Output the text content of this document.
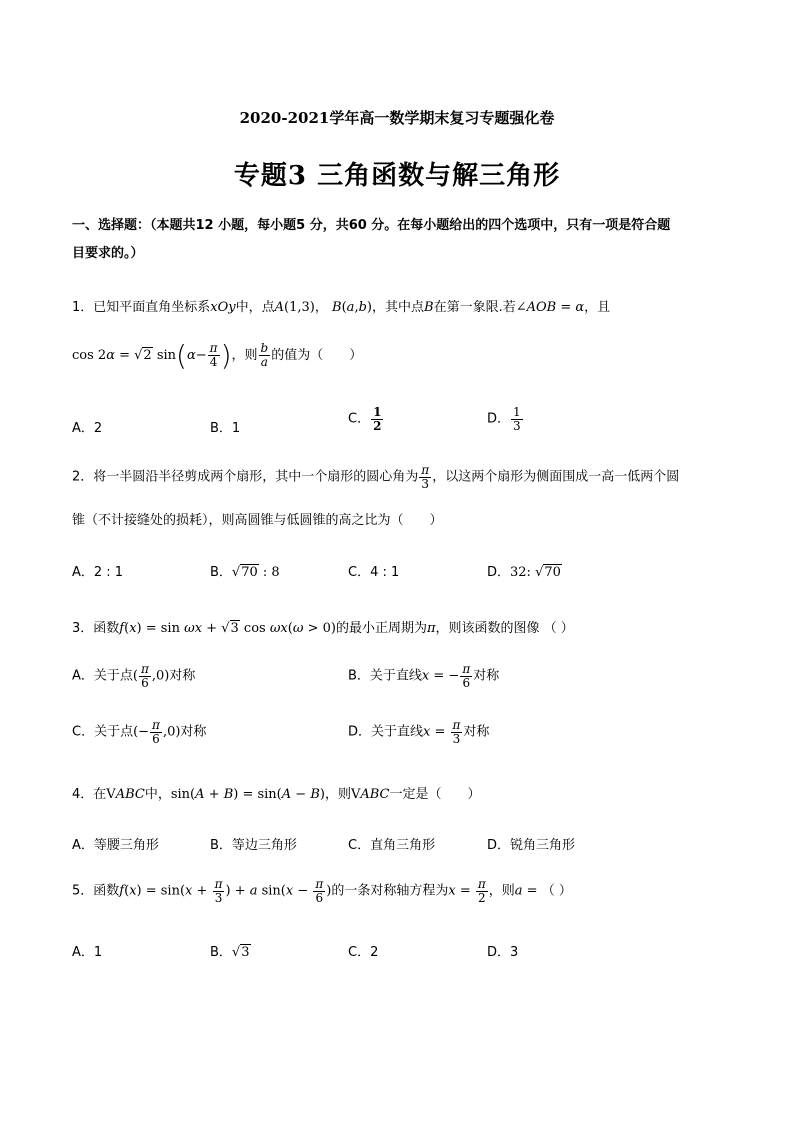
2020-2021学年高一数学期末复习专题强化卷
专题3 三角函数与解三角形
一、选择题：（本题共12 小题，每小题5 分，共60 分。在每小题给出的四个选项中，只有一项是符合题
目要求的。）
1．已知平面直角坐标系xOy中，点A(1,3)， B(a,b)，其中点B在第一象限.若∠AOB = α，且
cos 2α = √2 $\sin(\alpha- \frac{\pi}{4}$ )，则 $\frac{b}{a}$ 的值为（　　）
A．2	B．1
C． $\frac{1}{2}$	D． $\frac{1}{3}$
2．将一半圆沿半径剪成两个扇形，其中一个扇形的圆心角为 $\frac{\pi}{3}$ ，以这两个扇形为侧面围成一高一低两个圆
锥（不计接缝处的损耗），则高圆锥与低圆锥的高之比为（　　）
A．2 : 1	B．√70 : 8	C．4 : 1	D．32: √70
3．函数f(x) = sin ωx + √3 cos ωx(ω > 0)的最小正周期为π，则该函数的图像 （ ）
A．关于点( $\frac{\pi}{6} ,0$)对称	B．关于直线x = − $\frac{\pi}{6}$ 对称
C．关于点(− $\frac{\pi}{6} ,0$)对称	D．关于直线$x = \frac{\pi}{3}$ 对称
4．在VABC中，sin(A + B) = sin(A − B)，则VABC一定是（　　）
A．等腰三角形	B．等边三角形	C．直角三角形	D．锐角三角形
5．函数$f(x) = \sin(x + \frac{\pi}{3}$ ) + a $\sin(x - \frac{\pi}{6}$ )的一条对称轴方程为$x = \frac{\pi}{2}$ ，则a = （ ）
A．1	B．√3	C．2	D．3
